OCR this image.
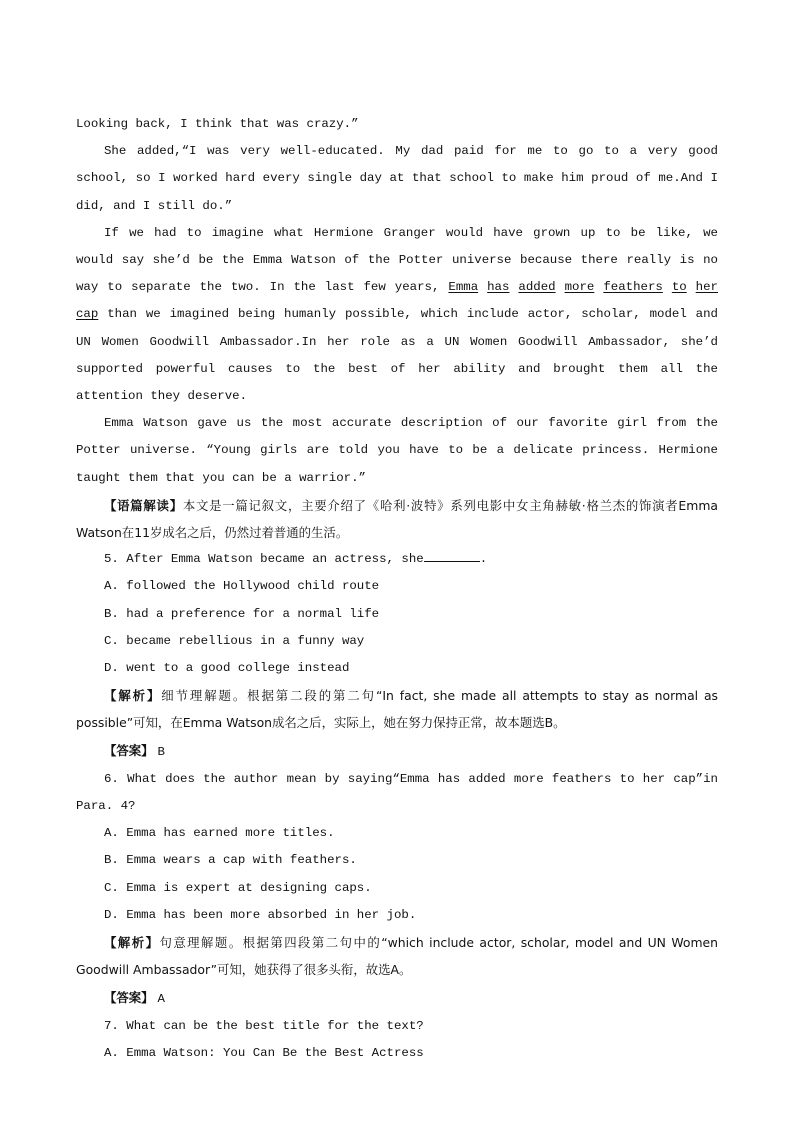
Looking back, I think that was crazy.”

She added,“I was very well-educated. My dad paid for me to go to a very good school, so I worked hard every single day at that school to make him proud of me.And I did, and I still do.”

If we had to imagine what Hermione Granger would have grown up to be like, we would say she’d be the Emma Watson of the Potter universe because there really is no way to separate the two. In the last few years, Emma has added more feathers to her cap than we imagined being humanly possible, which include actor, scholar, model and UN Women Goodwill Ambassador.In her role as a UN Women Goodwill Ambassador, she’d supported powerful causes to the best of her ability and brought them all the attention they deserve.

Emma Watson gave us the most accurate description of our favorite girl from the Potter universe. “Young girls are told you have to be a delicate princess. Hermione taught them that you can be a warrior.”

【语篇解读】本文是一篇记叙文，主要介绍了《哈利·波特》系列电影中女主角赫敏·格兰杰的饰演者Emma Watson在11岁成名之后，仍然过着普通的生活。

5. After Emma Watson became an actress, she	.

A. followed the Hollywood child route

B. had a preference for a normal life

C. became rebellious in a funny way

D. went to a good college instead

【解析】细节理解题。根据第二段的第二句“In fact, she made all attempts to stay as normal as possible”可知，在Emma Watson成名之后，实际上，她在努力保持正常，故本题选B。

【答案】 B

6. What does the author mean by saying“Emma has added more feathers to her cap”in Para. 4?

A. Emma has earned more titles.

B. Emma wears a cap with feathers.

C. Emma is expert at designing caps.

D. Emma has been more absorbed in her job.

【解析】句意理解题。根据第四段第二句中的“which include actor, scholar, model and UN Women Goodwill Ambassador”可知，她获得了很多头衔，故选A。

【答案】 A

7. What can be the best title for the text?

A. Emma Watson: You Can Be the Best Actress
